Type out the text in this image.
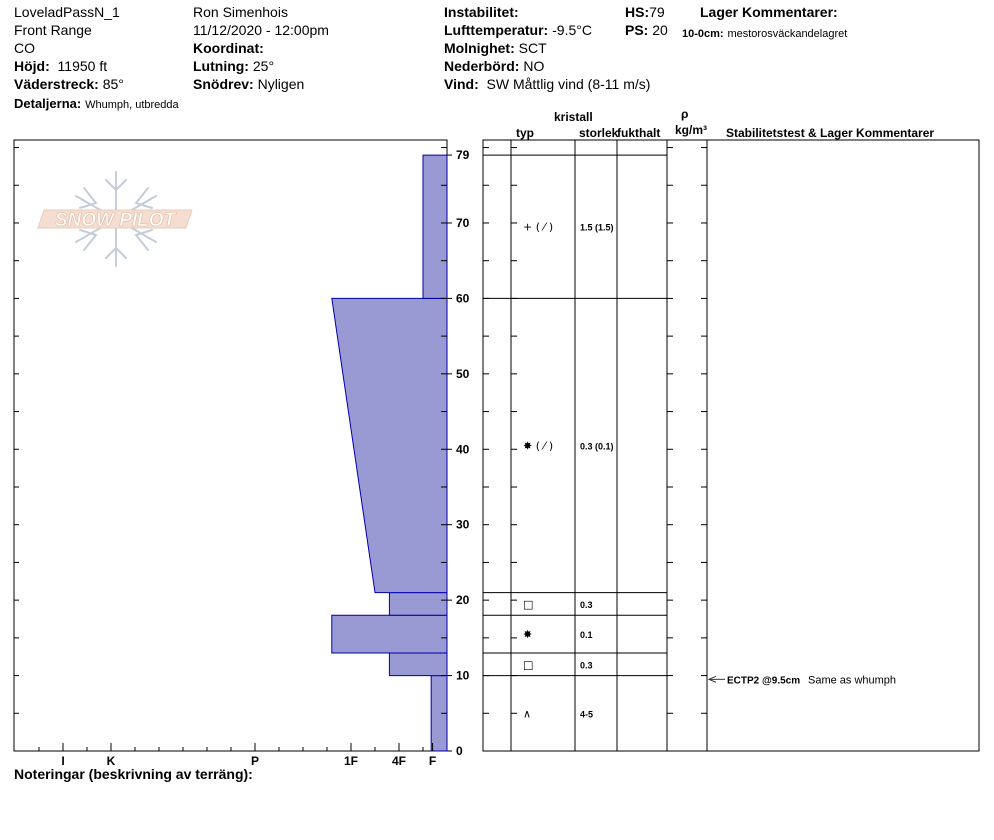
LoveladPassN_1
Front Range
CO
Höjd: 11950 ft
Väderstreck: 85°
Detaljerna: Whumph, utbredda
Ron Simenhois
11/12/2020 - 12:00pm
Koordinat:
Lutning: 25°
Snödrev: Nyligen
Instabilitet:
Lufttemperatur: -9.5°C
Molnighet: SCT
Nederbörd: NO
Vind: SW Måttlig vind (8-11 m/s)
HS:79
PS: 20
Lager Kommentarer:
10-0cm: mestorosväckandelagret
kristall
typ	storlek
fukthalt
ρ
kg/m³ Stabilitetstest & Lager Kommentarer
Noteringar (beskrivning av terräng):
SNOW PILOT
I	K	P	1F	4F F
0
10
20
30
40
50
60
70
79
+ ( ⁄ )	1.5 (1.5)
✸ ( ⁄ )	0.3 (0.1)
□	0.3
✸	0.1
□	0.3
∧	4-5
ECTP2 @9.5cm Same as whumph
